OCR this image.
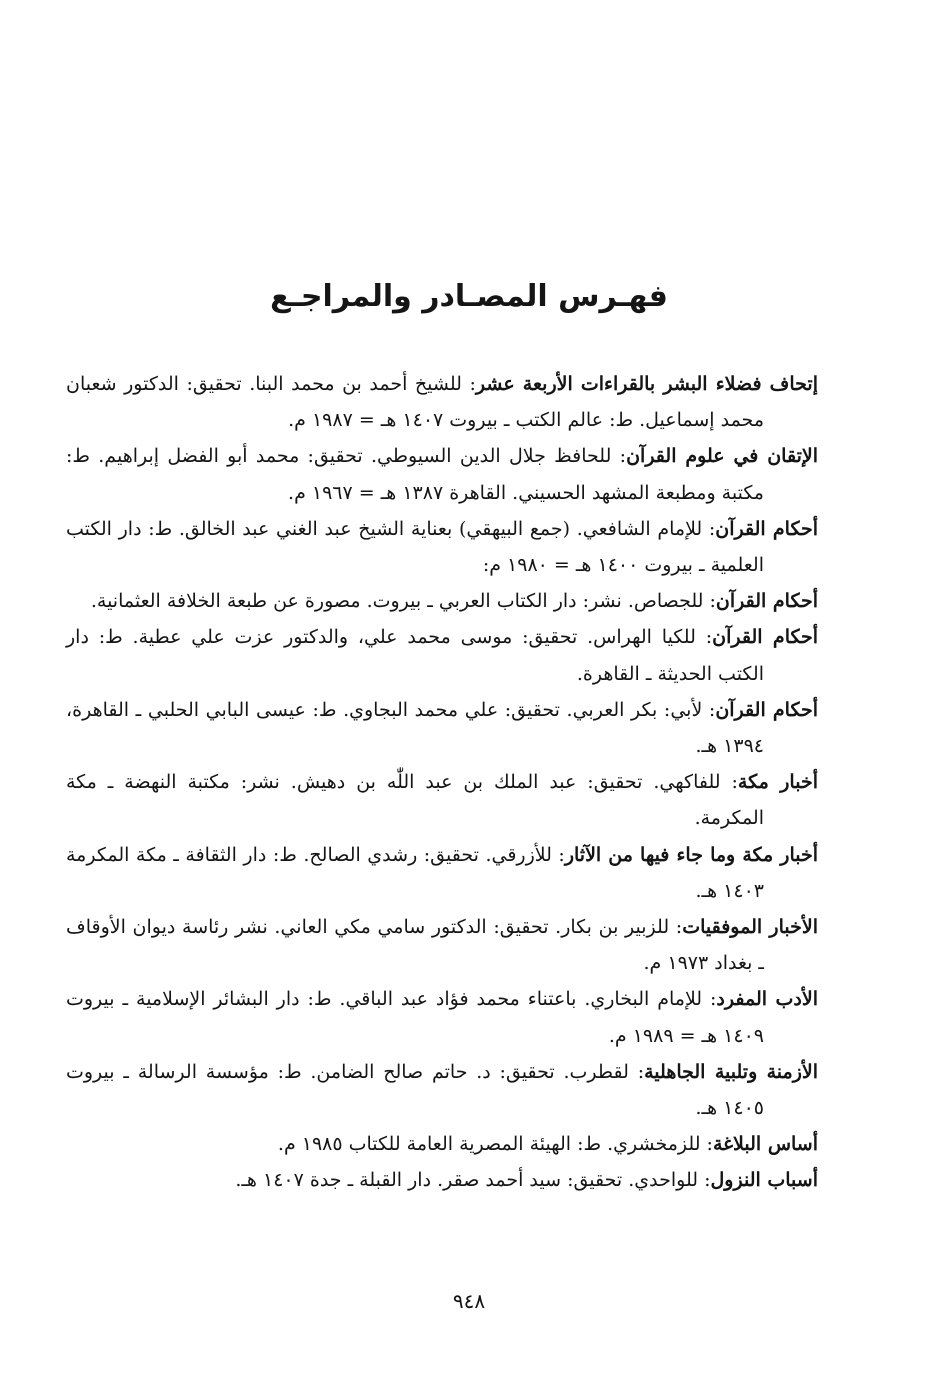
فهـرس المصـادر والمراجـع

إتحاف فضلاء البشر بالقراءات الأربعة عشر: للشيخ أحمد بن محمد البنا. تحقيق: الدكتور شعبان محمد إسماعيل. ط: عالم الكتب ـ بيروت ١٤٠٧ هـ = ١٩٨٧ م.

الإتقان في علوم القرآن: للحافظ جلال الدين السيوطي. تحقيق: محمد أبو الفضل إبراهيم. ط: مكتبة ومطبعة المشهد الحسيني. القاهرة ١٣٨٧ هـ = ١٩٦٧ م.

أحكام القرآن: للإمام الشافعي. (جمع البيهقي) بعناية الشيخ عبد الغني عبد الخالق. ط: دار الكتب العلمية ـ بيروت ١٤٠٠ هـ = ١٩٨٠ م:

أحكام القرآن: للجصاص. نشر: دار الكتاب العربي ـ بيروت. مصورة عن طبعة الخلافة العثمانية.

أحكام القرآن: للكيا الهراس. تحقيق: موسى محمد علي، والدكتور عزت علي عطية. ط: دار الكتب الحديثة ـ القاهرة.

أحكام القرآن: لأبي: بكر العربي. تحقيق: علي محمد البجاوي. ط: عيسى البابي الحلبي ـ القاهرة، ١٣٩٤ هـ.

أخبار مكة: للفاكهي. تحقيق: عبد الملك بن عبد اللّٰه بن دهيش. نشر: مكتبة النهضة ـ مكة المكرمة.

أخبار مكة وما جاء فيها من الآثار: للأزرقي. تحقيق: رشدي الصالح. ط: دار الثقافة ـ مكة المكرمة ١٤٠٣ هـ.

الأخبار الموفقيات: للزبير بن بكار. تحقيق: الدكتور سامي مكي العاني. نشر رئاسة ديوان الأوقاف ـ بغداد ١٩٧٣ م.

الأدب المفرد: للإمام البخاري. باعتناء محمد فؤاد عبد الباقي. ط: دار البشائر الإسلامية ـ بيروت ١٤٠٩ هـ = ١٩٨٩ م.

الأزمنة وتلبية الجاهلية: لقطرب. تحقيق: د. حاتم صالح الضامن. ط: مؤسسة الرسالة ـ بيروت ١٤٠٥ هـ.

أساس البلاغة: للزمخشري. ط: الهيئة المصرية العامة للكتاب ١٩٨٥ م.

أسباب النزول: للواحدي. تحقيق: سيد أحمد صقر. دار القبلة ـ جدة ١٤٠٧ هـ.

٩٤٨
